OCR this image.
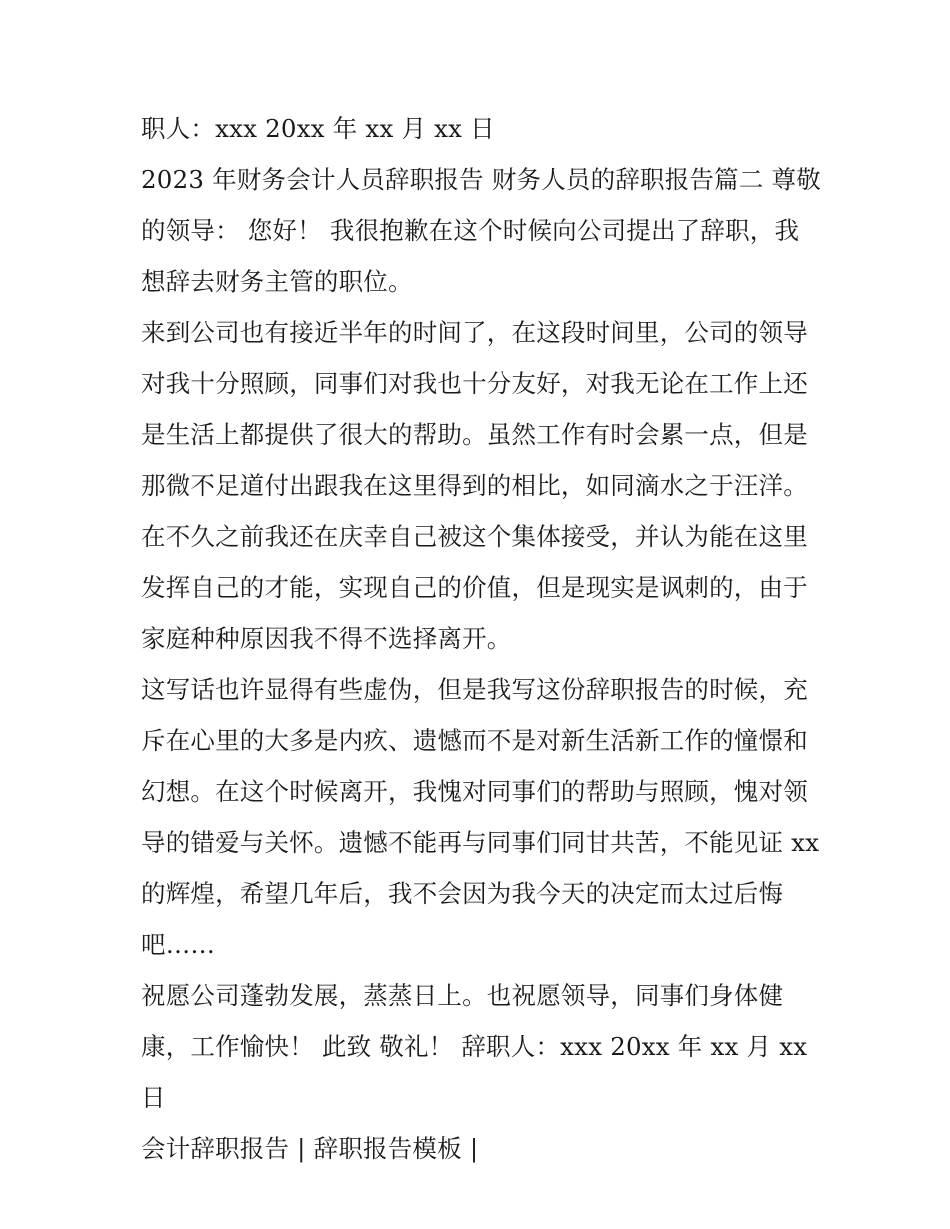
职人：xxx 20xx 年 xx 月 xx 日

2023 年财务会计人员辞职报告 财务人员的辞职报告篇二 尊敬的领导： 您好！ 我很抱歉在这个时候向公司提出了辞职，我想辞去财务主管的职位。

来到公司也有接近半年的时间了，在这段时间里，公司的领导对我十分照顾，同事们对我也十分友好，对我无论在工作上还是生活上都提供了很大的帮助。虽然工作有时会累一点，但是那微不足道付出跟我在这里得到的相比，如同滴水之于汪洋。在不久之前我还在庆幸自己被这个集体接受，并认为能在这里发挥自己的才能，实现自己的价值，但是现实是讽刺的，由于家庭种种原因我不得不选择离开。

这写话也许显得有些虚伪，但是我写这份辞职报告的时候，充斥在心里的大多是内疚、遗憾而不是对新生活新工作的憧憬和幻想。在这个时候离开，我愧对同事们的帮助与照顾，愧对领导的错爱与关怀。遗憾不能再与同事们同甘共苦，不能见证 xx 的辉煌，希望几年后，我不会因为我今天的决定而太过后悔吧……

祝愿公司蓬勃发展，蒸蒸日上。也祝愿领导，同事们身体健康，工作愉快！ 此致 敬礼！ 辞职人：xxx 20xx 年 xx 月 xx 日

会计辞职报告 | 辞职报告模板 |
